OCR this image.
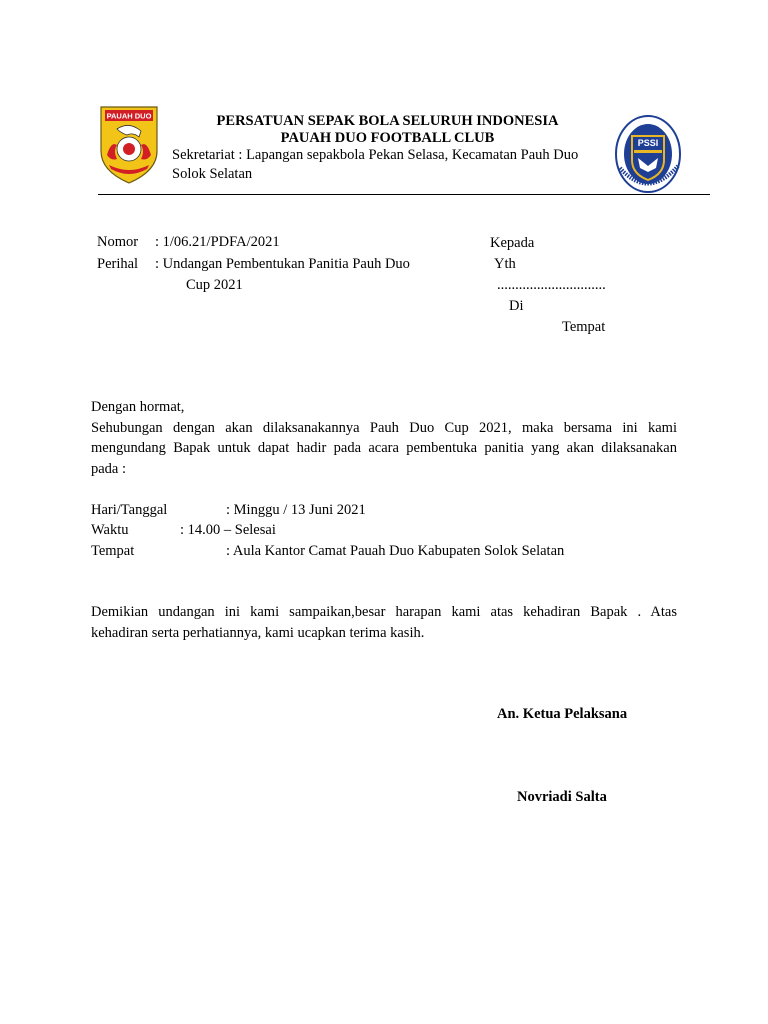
PAUAH DUO
PSSI
PERSATUAN SEPAK BOLA SELURUH INDONESIA
PAUAH DUO FOOTBALL CLUB
Sekretariat : Lapangan sepakbola Pekan Selasa, Kecamatan Pauh Duo
Solok Selatan
Nomor : 1/06.21/PDFA/2021
Perihal : Undangan Pembentukan Panitia Pauh Duo
Cup 2021
Kepada
Yth
..............................
Di
Tempat
Dengan hormat,
Sehubungan dengan akan dilaksanakannya Pauh Duo Cup 2021, maka bersama ini kami
mengundang Bapak untuk dapat hadir pada acara pembentuka panitia yang akan dilaksanakan
pada :
Hari/Tanggal	: Minggu / 13 Juni 2021
Waktu	: 14.00 – Selesai
Tempat	: Aula Kantor Camat Pauah Duo Kabupaten Solok Selatan
Demikian undangan ini kami sampaikan,besar harapan kami atas kehadiran Bapak . Atas
kehadiran serta perhatiannya, kami ucapkan terima kasih.
An. Ketua Pelaksana
Novriadi Salta
